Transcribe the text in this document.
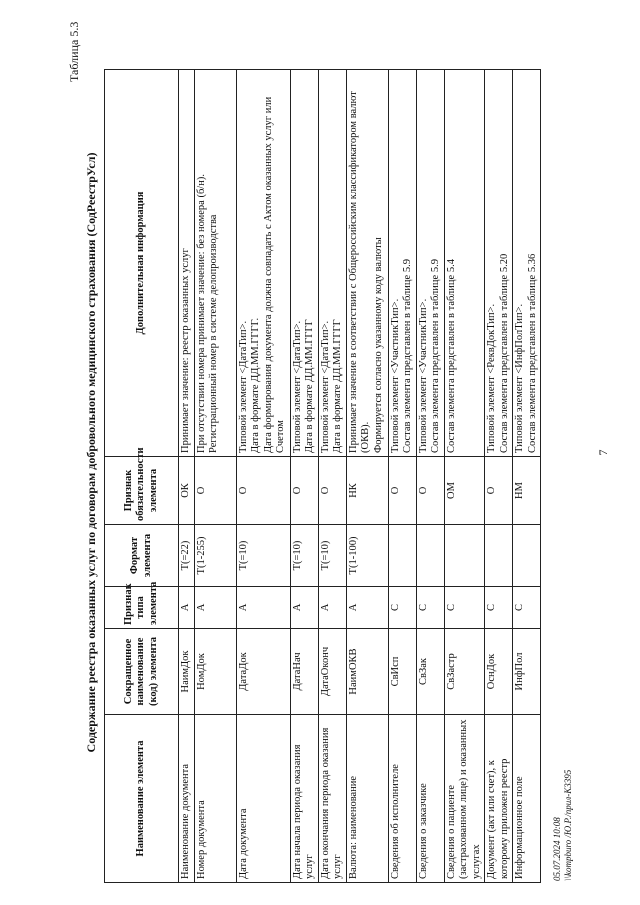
7
Таблица 5.3
Содержание реестра оказанных услуг по договорам добровольного медицинского страхования (СодРеестрУсл)
Наименование элемента	Сокращенное наименование (код) элемента	Признак типа элемента	Формат элемента	Признак обязательности элемента	Дополнительная информация
Наименование документа	НаимДок	А	Т(=22)	ОК	Принимает значение: реестр оказанных услуг

Номер документа	НомДок	А	Т(1-255)	О	При отсутствии номера принимает значение: без номера (б/н). Регистрационный номер в системе делопроизводства

Дата документа	ДатаДок	А	Т(=10)	О	Типовой элемент <ДатаТип>. Дата в формате ДД.ММ.ГГГГ. Дата формирования документа должна совпадать с Актом оказанных услуг или Счетом

Дата начала периода оказания услуг	ДатаНач	А	Т(=10)	О	Типовой элемент <ДатаТип>. Дата в формате ДД.ММ.ГГГГ

Дата окончания периода оказания услуг	ДатаОконч	А	Т(=10)	О	Типовой элемент <ДатаТип>. Дата в формате ДД.ММ.ГГГГ

Валюта: наименование	НаимОКВ	А	Т(1-100)	НК	Принимает значение в соответствии с Общероссийским классификатором валют (ОКВ). Формируется согласно указанному коду валюты

Сведения об исполнителе	СвИсп	С		О	Типовой элемент <УчастникТип>. Состав элемента представлен в таблице 5.9

Сведения о заказчике	СвЗак	С		О	Типовой элемент <УчастникТип>. Состав элемента представлен в таблице 5.9

Сведения о пациенте (застрахованном лице) и оказанных услугах	СвЗастр	С		ОМ	Состав элемента представлен в таблице 5.4

Документ (акт или счет), к которому приложен реестр	ОснДок	С		О	Типовой элемент <РеквДокТип>. Состав элемента представлен в таблице 5.20

Информационное поле	ИнфПол	С		НМ	Типовой элемент <ИнфПолТип>. Состав элемента представлен в таблице 5.36
05.07.2024 10:08 \\kompburo /Ю.Р./прил-К3395
